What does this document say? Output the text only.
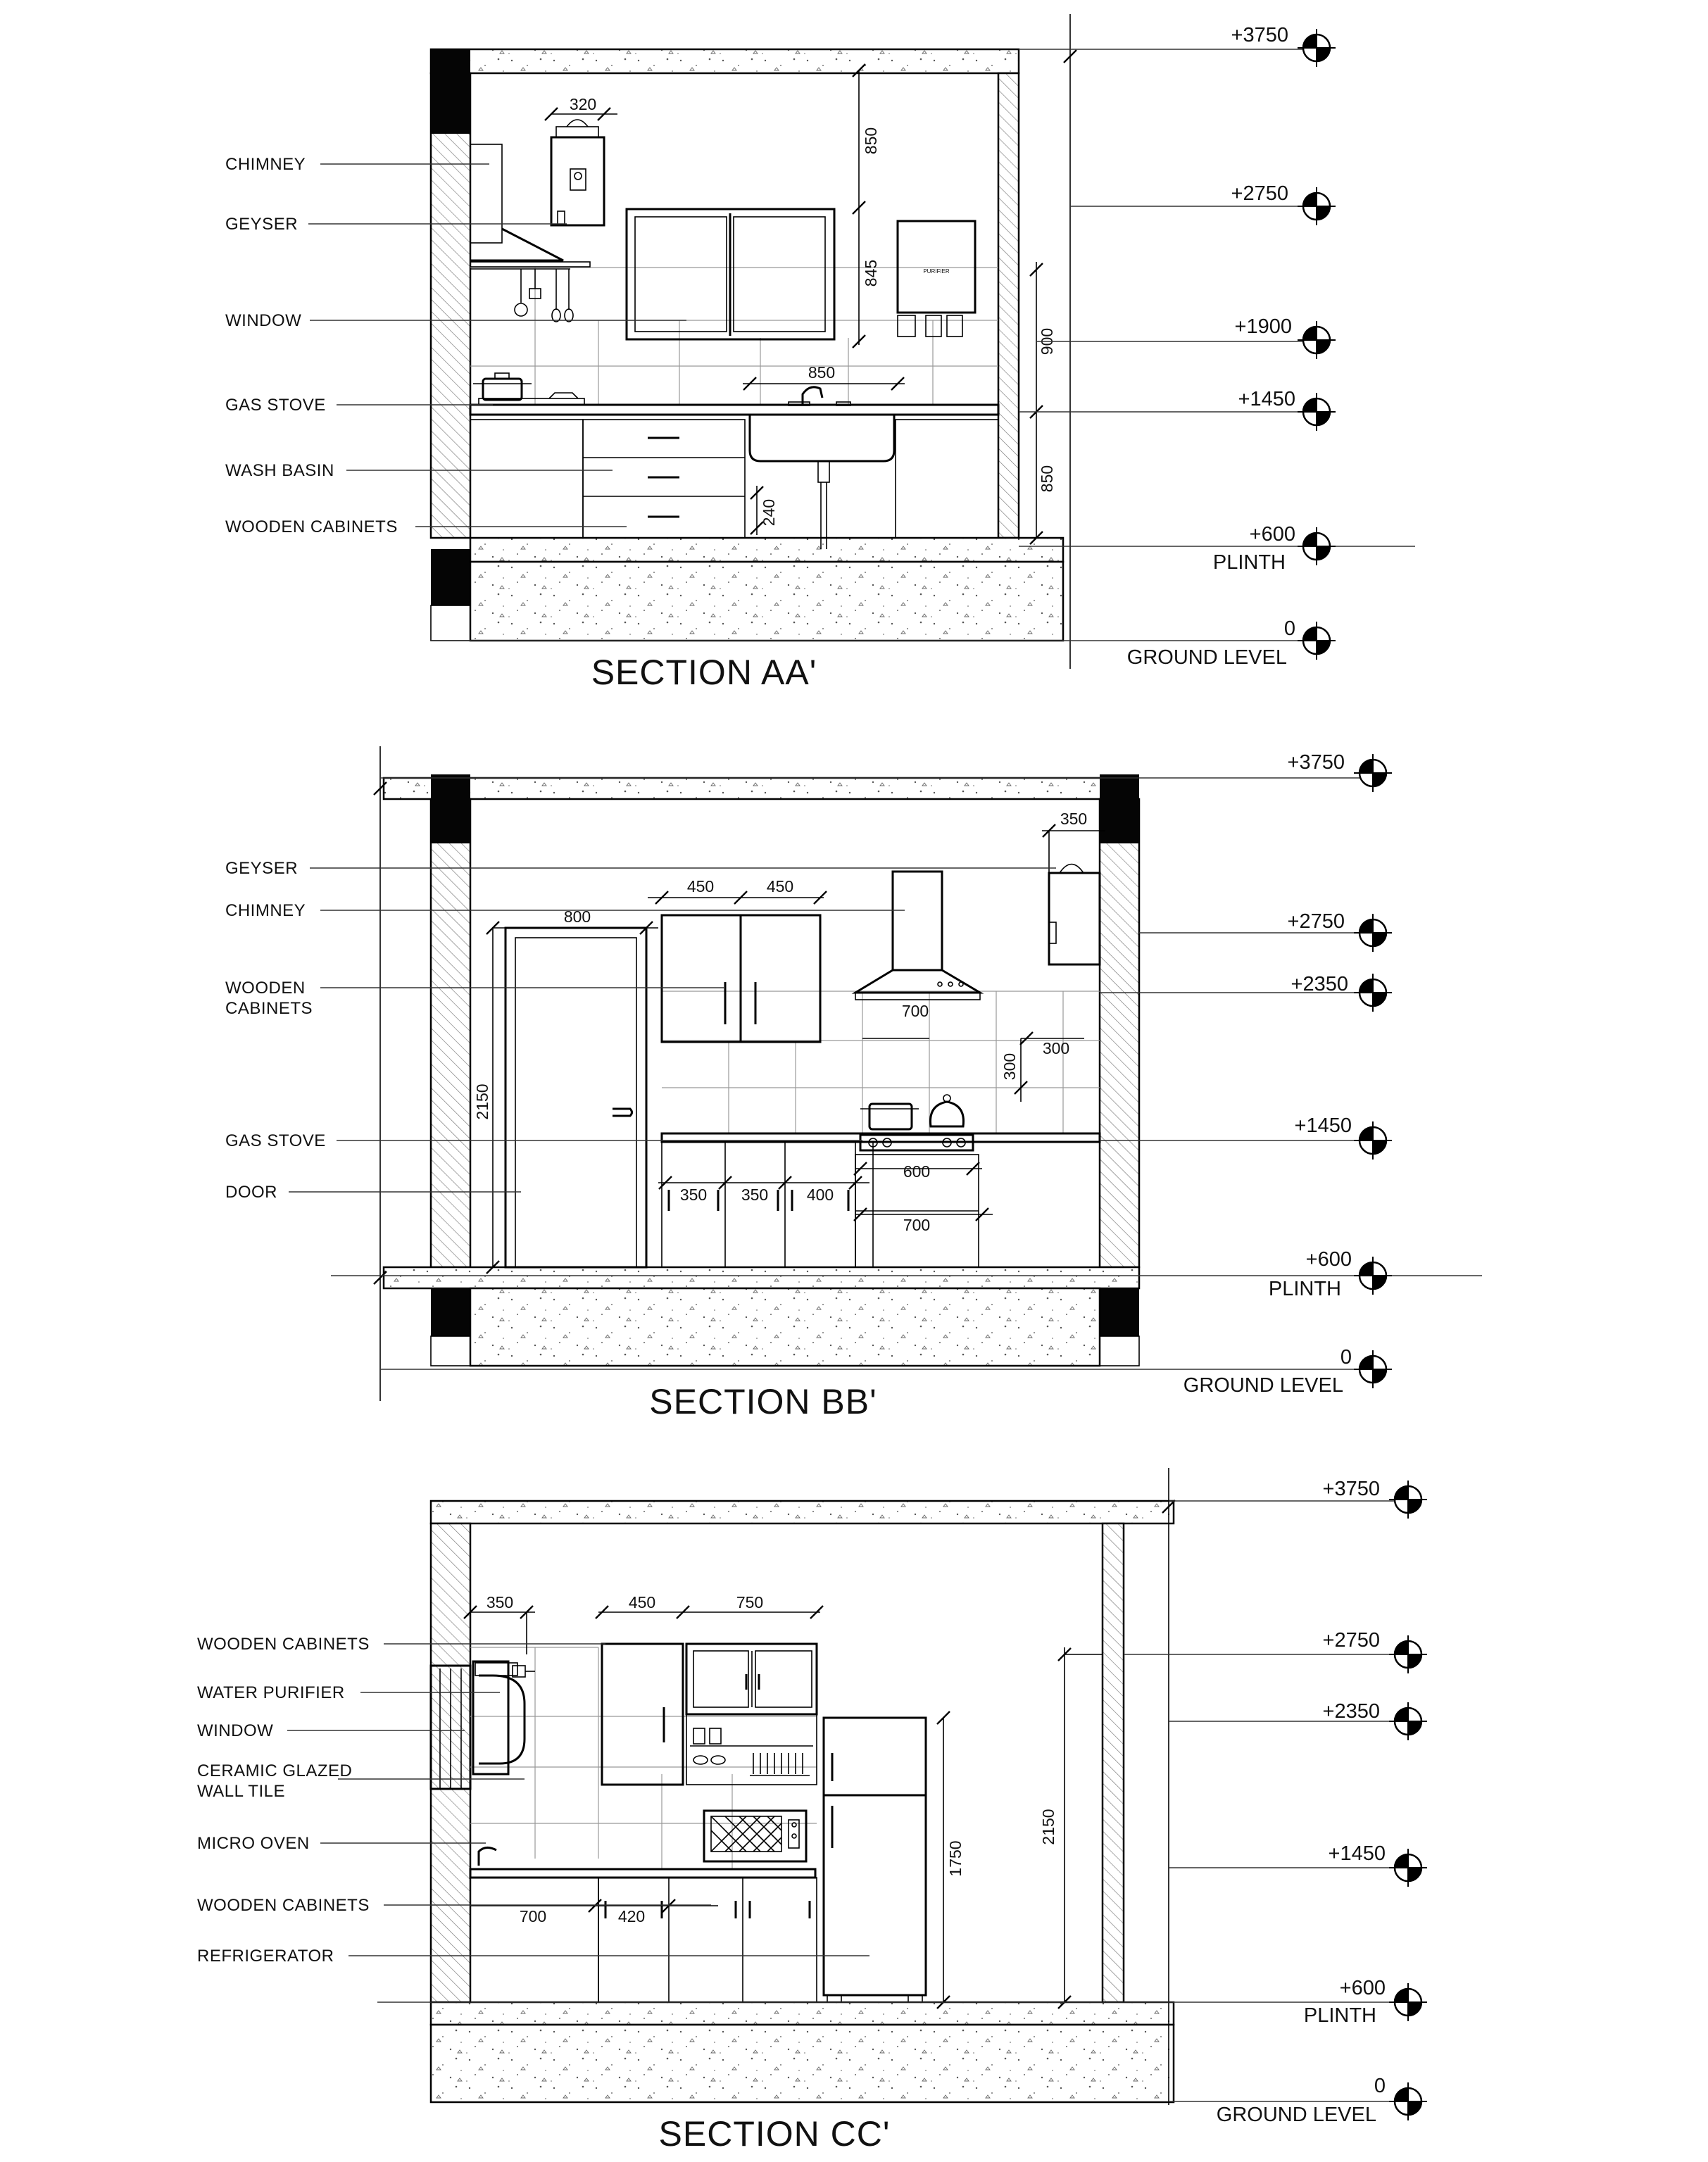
PURIFIER
320
850
845
850
900
850
240
CHIMNEY
GEYSER
WINDOW
GAS STOVE
WASH BASIN
WOODEN CABINETS
+3750
+2750
+1900
+1450
+600
PLINTH
0
GROUND LEVEL
SECTION AA'
350
800
450	450
700
300
300
2150
350 350 400
600
700
GEYSER
CHIMNEY
WOODEN
CABINETS
GAS STOVE
DOOR
+3750
+2750
+2350
+1450
+600
PLINTH
0
GROUND LEVEL
SECTION BB'
350	450	750
700	420
1750
2150
WOODEN CABINETS
WATER PURIFIER
WINDOW
CERAMIC GLAZED
WALL TILE
MICRO OVEN
WOODEN CABINETS
REFRIGERATOR
+3750
+2750
+2350
+1450
+600
PLINTH
0
GROUND LEVEL
SECTION CC'
